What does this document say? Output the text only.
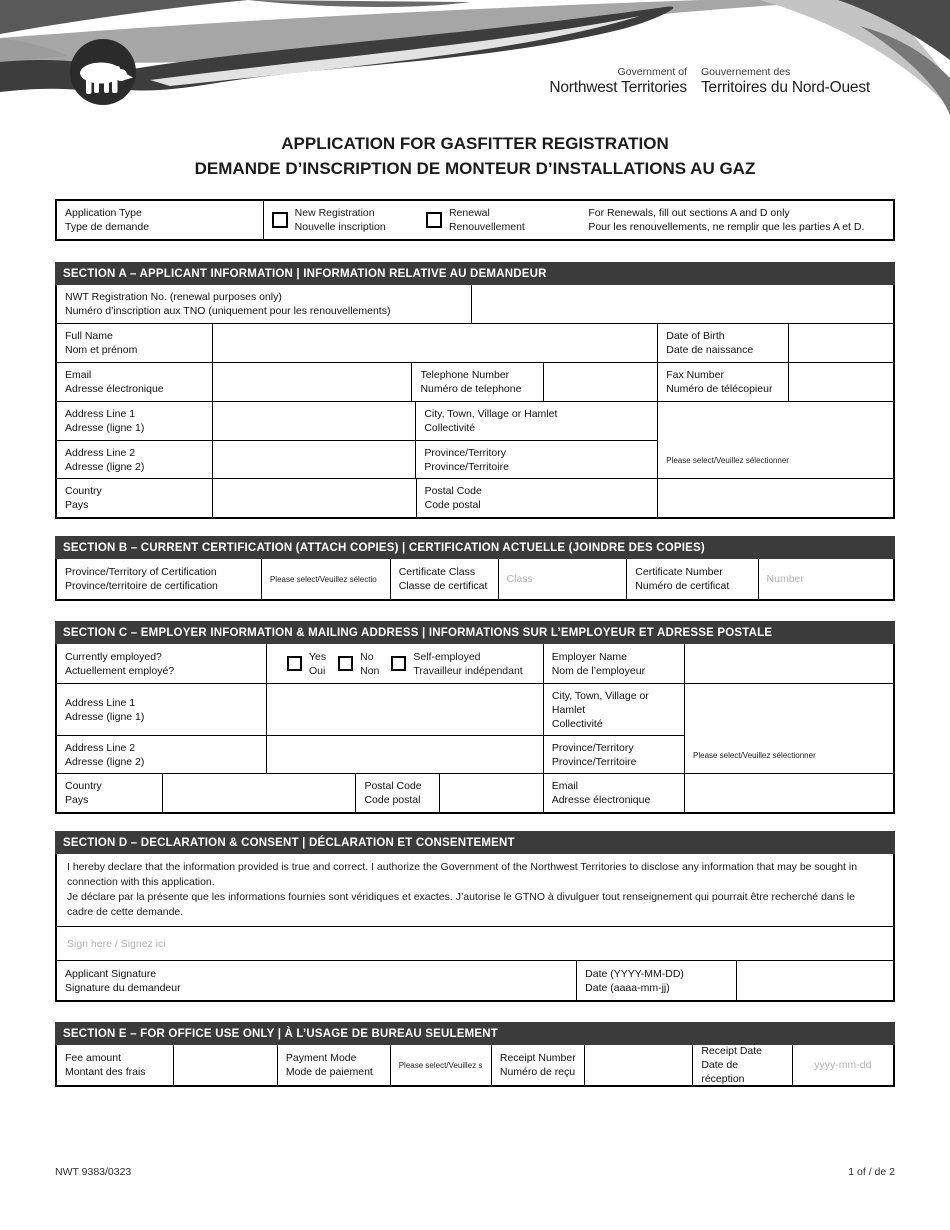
Government of
Northwest Territories
Gouvernement des
Territoires du Nord-Ouest
APPLICATION FOR GASFITTER REGISTRATION
DEMANDE D’INSCRIPTION DE MONTEUR D’INSTALLATIONS AU GAZ
Application Type
Type de demande
New Registration
Nouvelle inscription
Renewal
Renouvellement
For Renewals, fill out sections A and D only
Pour les renouvellements, ne remplir que les parties A et D.
SECTION A – APPLICANT INFORMATION | INFORMATION RELATIVE AU DEMANDEUR
NWT Registration No. (renewal purposes only)
Numéro d’inscription aux TNO (uniquement pour les renouvellements)
Full Name
Nom et prénom
Date of Birth
Date de naissance
Email
Adresse électronique
Telephone Number
Numéro de telephone
Fax Number
Numéro de télécopieur
Address Line 1
Adresse (ligne 1)
City, Town, Village or Hamlet
Collectivité
Address Line 2
Adresse (ligne 2)
Province/Territory
Province/Territoire
Please select/Veuillez sélectionner
Country
Pays
Postal Code
Code postal
SECTION B – CURRENT CERTIFICATION (ATTACH COPIES) | CERTIFICATION ACTUELLE (JOINDRE DES COPIES)
Province/Territory of Certification
Province/territoire de certification
Please select/Veuillez sélectio
Certificate Class
Classe de certificat
Class
Certificate Number
Numéro de certificat
Number
SECTION C – EMPLOYER INFORMATION & MAILING ADDRESS | INFORMATIONS SUR L’EMPLOYEUR ET ADRESSE POSTALE
Currently employed?
Actuellement employé?
Yes
Oui
No
Non
Self-employed
Travailleur indépendant
Employer Name
Nom de l’employeur
Address Line 1
Adresse (ligne 1)
City, Town, Village or Hamlet
Collectivité
Address Line 2
Adresse (ligne 2)
Province/Territory
Province/Territoire
Please select/Veuillez sélectionner
Country
Pays
Postal Code
Code postal
Email
Adresse électronique
SECTION D – DECLARATION & CONSENT | DÉCLARATION ET CONSENTEMENT
I hereby declare that the information provided is true and correct. I authorize the Government of the Northwest Territories to disclose any information that may be sought in connection with this application.
Je déclare par la présente que les informations fournies sont véridiques et exactes. J’autorise le GTNO à divulguer tout renseignement qui pourrait être recherché dans le cadre de cette demande.
Sign here / Signez ici
Applicant Signature
Signature du demandeur
Date (YYYY-MM-DD)
Date (aaaa-mm-jj)
SECTION E – FOR OFFICE USE ONLY | À L’USAGE DE BUREAU SEULEMENT
Fee amount
Montant des frais
Payment Mode
Mode de paiement
Please select/Veuillez s
Receipt Number
Numéro de reçu
Receipt Date
Date de réception
yyyy-mm-dd
NWT 9383/0323	1 of / de 2
